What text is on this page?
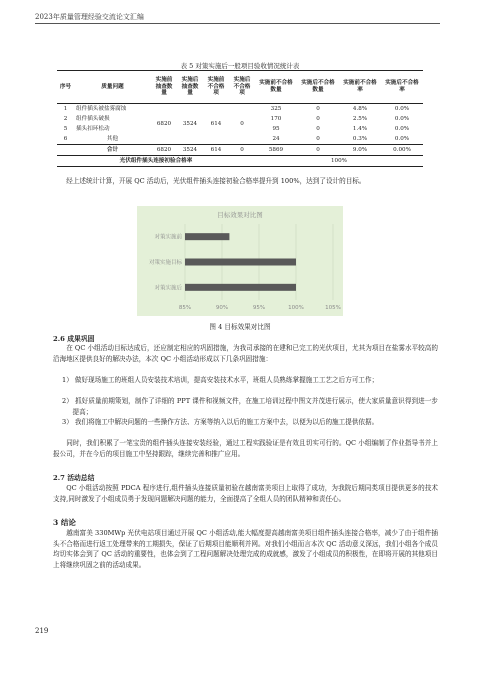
2023年质量管理经验交流论文汇编
表 5 对策实施后一般项目验收情况统计表
序号	质量问题	实施前抽查数量	实施后抽查数量	实施前不合格项	实施后不合格项	实施前不合格数量	实施后不合格数量	实施前不合格率	实施后不合格率
1	组件插头被盐雾腐蚀	6820	3524	614	0	325	0	4.8%	0.0%
2	组件插头破损					170	0	2.5%	0.0%
5	插头扣环松动					95	0	1.4%	0.0%
6	其他					24	0	0.3%	0.0%
	合计	6820	3524	614	0	5869	0	9.0%	0.00%
光伏组件插头连接初验合格率						100%			
经上述统计计算，开展 QC 活动后，光伏组件插头连接初验合格率提升到 100%，达到了设计的目标。
目标效果对比图
对策实施前
对策实施目标
对策实施后
85%	90%	95%	100%	105%
图 4 目标效果对比图
2.6 成果巩固
在 QC 小组活动目标达成后，还应制定相应的巩固措施，为我司承接的在建和已完工的光伏项目，尤其为项目在盐雾水平较高的沿海地区提供良好的解决办法，本次 QC 小组活动形成以下几条巩固措施：
1） 做好现场施工的班组人员安装技术培训，提高安装技术水平，班组人员熟练掌握施工工艺之后方可工作；
2） 抓好质量前期策划，制作了详细的 PPT 课件和视频文件，在施工培训过程中图文并茂进行展示，使大家质量意识得到进一步提高；
3） 我们将施工中解决问题的一些操作方法、方案等纳入以后的施工方案中去，以便为以后的施工提供依据。
同时，我们积累了一笔宝贵的组件插头连接安装经验，通过工程实践验证是有效且切实可行的。QC 小组编制了作业指导书并上报公司，并在今后的项目施工中坚持跟踪，继续完善和推广应用。
2.7 活动总结
QC 小组活动按照 PDCA 程序进行,组件插头连接质量初验在越南富美项目上取得了成功，为我院后期同类项目提供更多的技术支持,同时激发了小组成员勇于发现问题解决问题的能力，全面提高了全组人员的团队精神和责任心。
3 结论
越南富美 330MWp 光伏电站项目通过开展 QC 小组活动,能大幅度提高越南富美项目组件插头连接合格率，减少了由于组件插头不合格而进行返工处理带来的工期损失，保证了后期项目能顺利并网。对我们小组而言本次 QC 活动意义深远，我们小组各个成员均切实体会到了 QC 活动的重要性，也体会到了工程问题解决处理完成的成就感，激发了小组成员的积极性，在即将开展的其他项目上将继续巩固之前的活动成果。
219
